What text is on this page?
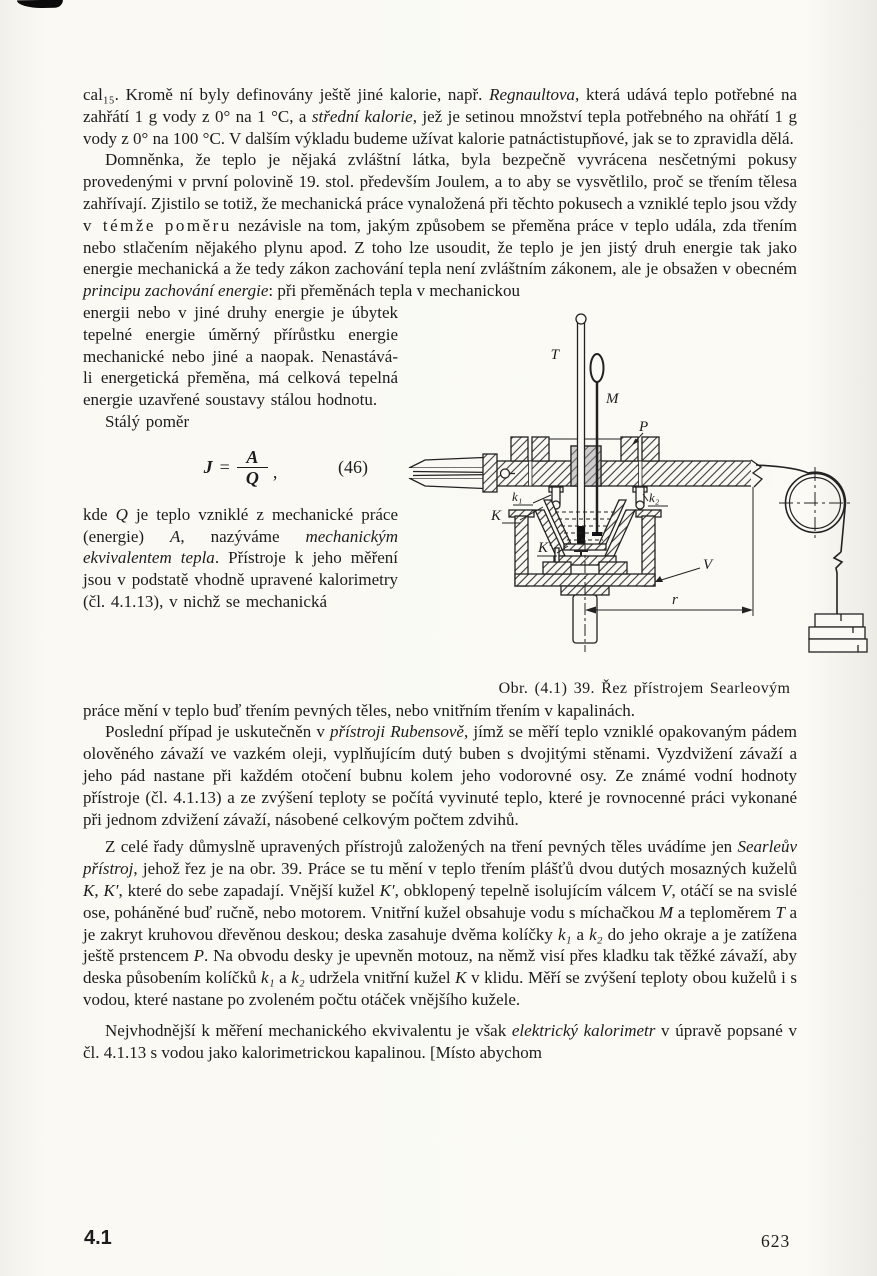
cal₁₅. Kromě ní byly definovány ještě jiné kalorie, např. Regnaultova, která udává teplo potřebné na zahřátí 1 g vody z 0° na 1 °C, a střední kalorie, jež je setinou množství tepla potřebného na ohřátí 1 g vody z 0° na 100 °C. V dalším výkladu budeme užívat kalorie patnáctistupňové, jak se to zpravidla dělá.

Domněnka, že teplo je nějaká zvláštní látka, byla bezpečně vyvrácena nesčetnými pokusy provedenými v první polovině 19. stol. především Joulem, a to aby se vysvětlilo, proč se třením tělesa zahřívají. Zjistilo se totiž, že mechanická práce vynaložená při těchto pokusech a vzniklé teplo jsou vždy v témže poměru nezávisle na tom, jakým způsobem se přeměna práce v teplo udála, zda třením nebo stlačením nějakého plynu apod. Z toho lze usoudit, že teplo je jen jistý druh energie tak jako energie mechanická a že tedy zákon zachování tepla není zvláštním zákonem, ale je obsažen v obecném principu zachování energie: při přeměnách tepla v mechanickou

energii nebo v jiné druhy energie je úbytek tepelné energie úměrný přírůstku energie mechanické nebo jiné a naopak. Nenastává-li energetická přeměna, má celková tepelná energie uzavřené soustavy stálou hodnotu.

Stálý poměr

$J = \frac{A}{Q}$ ,	(46)

kde Q je teplo vzniklé z mechanické práce (energie) A, nazýváme mechanickým ekvivalentem tepla. Přístroje k jeho měření jsou v podstatě vhodně upravené kalorimetry (čl. 4.1.13), v nichž se mechanická

T
M
P
k₁	k₂
K
K′
V
r
Obr. (4.1) 39. Řez přístrojem Searleovým

práce mění v teplo buď třením pevných těles, nebo vnitřním třením v kapalinách.

Poslední případ je uskutečněn v přístroji Rubensově, jímž se měří teplo vzniklé opakovaným pádem olověného závaží ve vazkém oleji, vyplňujícím dutý buben s dvojitými stěnami. Vyzdvižení závaží a jeho pád nastane při každém otočení bubnu kolem jeho vodorovné osy. Ze známé vodní hodnoty přístroje (čl. 4.1.13) a ze zvýšení teploty se počítá vyvinuté teplo, které je rovnocenné práci vykonané při jednom zdvižení závaží, násobené celkovým počtem zdvihů.

Z celé řady důmyslně upravených přístrojů založených na tření pevných těles uvádíme jen Searleův přístroj, jehož řez je na obr. 39. Práce se tu mění v teplo třením plášťů dvou dutých mosazných kuželů K, K′, které do sebe zapadají. Vnější kužel K′, obklopený tepelně isolujícím válcem V, otáčí se na svislé ose, poháněné buď ručně, nebo motorem. Vnitřní kužel obsahuje vodu s míchačkou M a teploměrem T a je zakryt kruhovou dřevěnou deskou; deska zasahuje dvěma kolíčky k₁ a k₂ do jeho okraje a je zatížena ještě prstencem P. Na obvodu desky je upevněn motouz, na němž visí přes kladku tak těžké závaží, aby deska působením kolíčků k₁ a k₂ udržela vnitřní kužel K v klidu. Měří se zvýšení teploty obou kuželů i s vodou, které nastane po zvoleném počtu otáček vnějšího kužele.

Nejvhodnější k měření mechanického ekvivalentu je však elektrický kalorimetr v úpravě popsané v čl. 4.1.13 s vodou jako kalorimetrickou kapalinou. [Místo abychom

4.1	623
